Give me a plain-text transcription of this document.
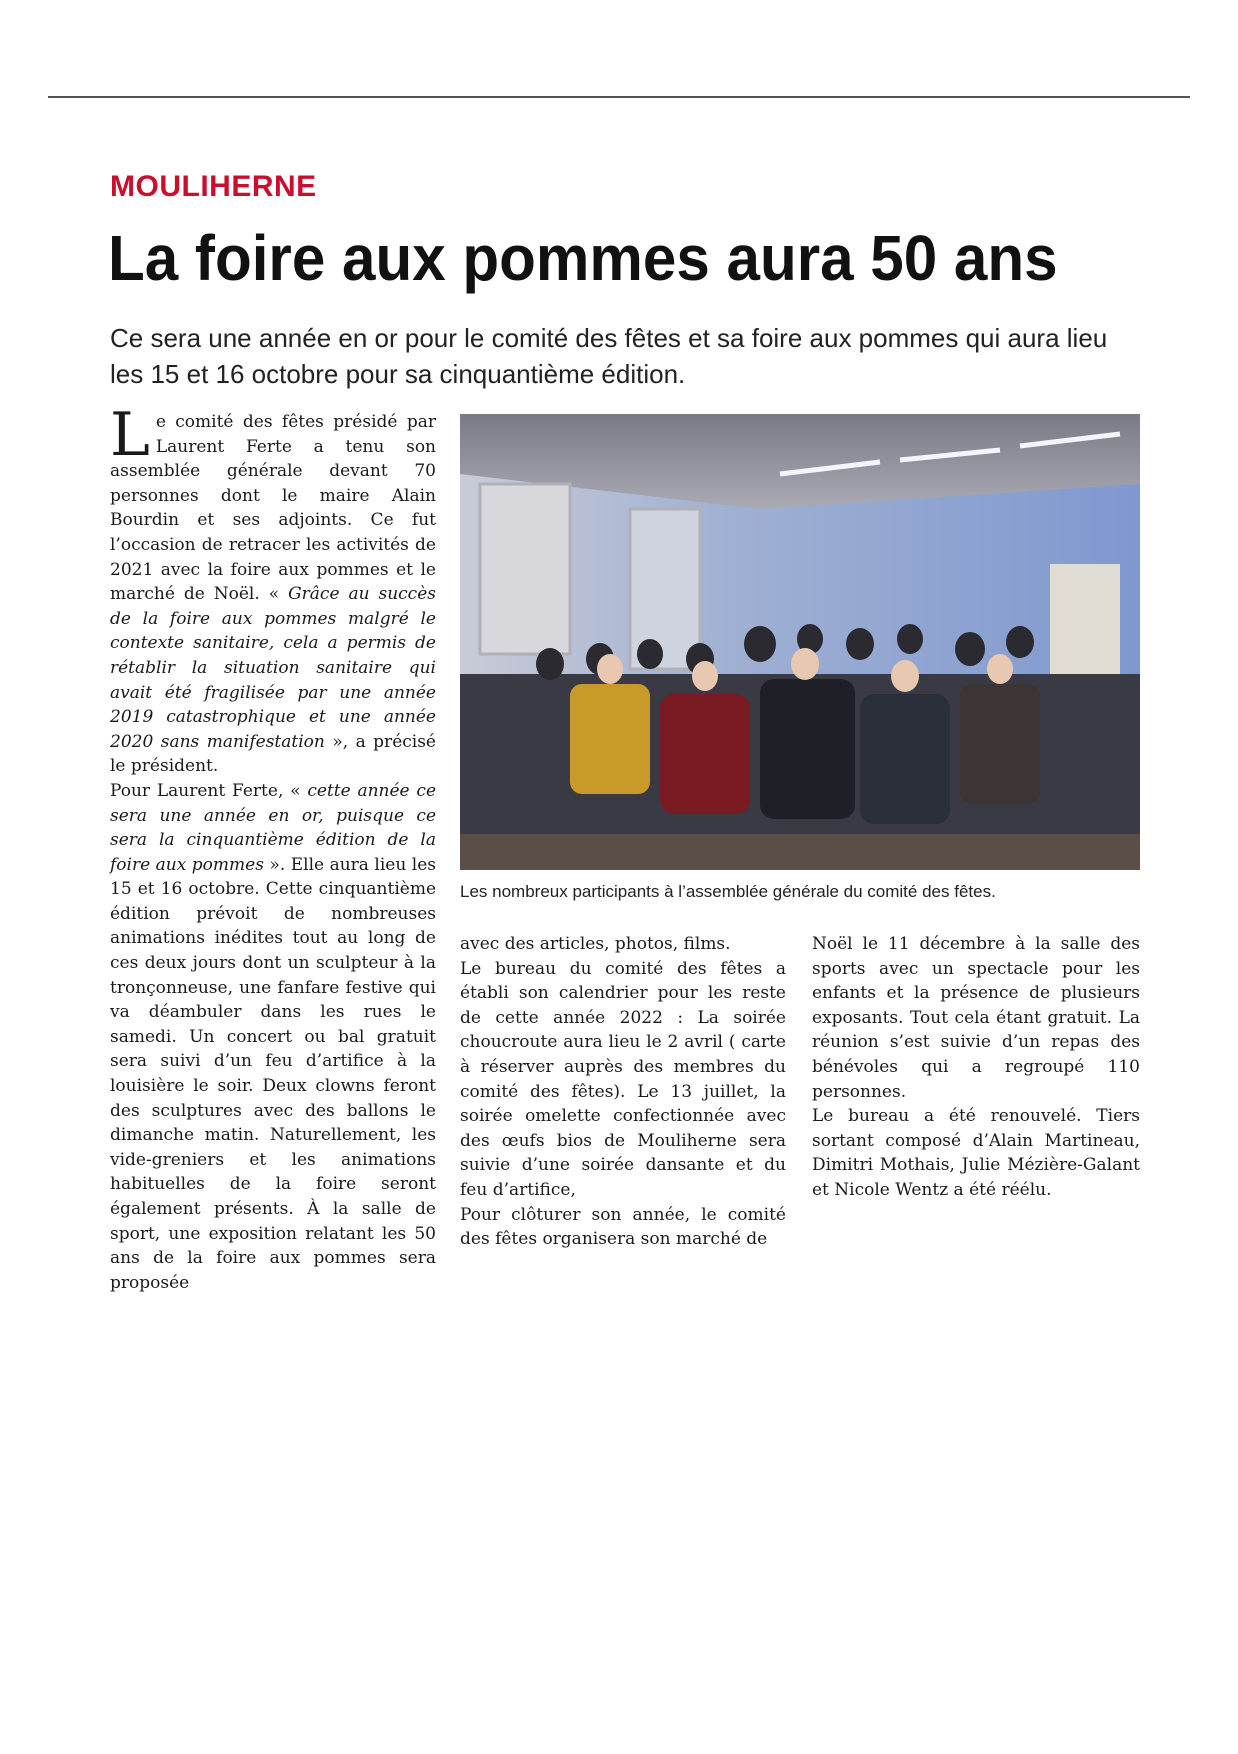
MOULIHERNE
La foire aux pommes aura 50 ans
Ce sera une année en or pour le comité des fêtes et sa foire aux pommes qui aura lieu les 15 et 16 octobre pour sa cinquantième édition.

Le comité des fêtes présidé par Laurent Ferte a tenu son assemblée générale devant 70 personnes dont le maire Alain Bourdin et ses adjoints. Ce fut l’occasion de retracer les activités de 2021 avec la foire aux pommes et le marché de Noël. « Grâce au succès de la foire aux pommes malgré le contexte sanitaire, cela a permis de rétablir la situation sanitaire qui avait été fragilisée par une année 2019 catastrophique et une année 2020 sans manifestation », a précisé le président.

Pour Laurent Ferte, « cette année ce sera une année en or, puisque ce sera la cinquantième édition de la foire aux pommes ». Elle aura lieu les 15 et 16 octobre. Cette cinquantième édition prévoit de nombreuses animations inédites tout au long de ces deux jours dont un sculpteur à la tronçonneuse, une fanfare festive qui va déambuler dans les rues le samedi. Un concert ou bal gratuit sera suivi d’un feu d’artifice à la louisière le soir. Deux clowns feront des sculptures avec des ballons le dimanche matin. Naturellement, les vide-greniers et les animations habituelles de la foire seront également présents. À la salle de sport, une exposition relatant les 50 ans de la foire aux pommes sera proposée

Les nombreux participants à l’assemblée générale du comité des fêtes.

avec des articles, photos, films.

Le bureau du comité des fêtes a établi son calendrier pour les reste de cette année 2022 : La soirée choucroute aura lieu le 2 avril ( carte à réserver auprès des membres du comité des fêtes). Le 13 juillet, la soirée omelette confectionnée avec des œufs bios de Mouliherne sera suivie d’une soirée dansante et du feu d’artifice,

Pour clôturer son année, le comité des fêtes organisera son marché de

Noël le 11 décembre à la salle des sports avec un spectacle pour les enfants et la présence de plusieurs exposants. Tout cela étant gratuit. La réunion s’est suivie d’un repas des bénévoles qui a regroupé 110 personnes.

Le bureau a été renouvelé. Tiers sortant composé d’Alain Martineau, Dimitri Mothais, Julie Mézière-Galant et Nicole Wentz a été réélu.
